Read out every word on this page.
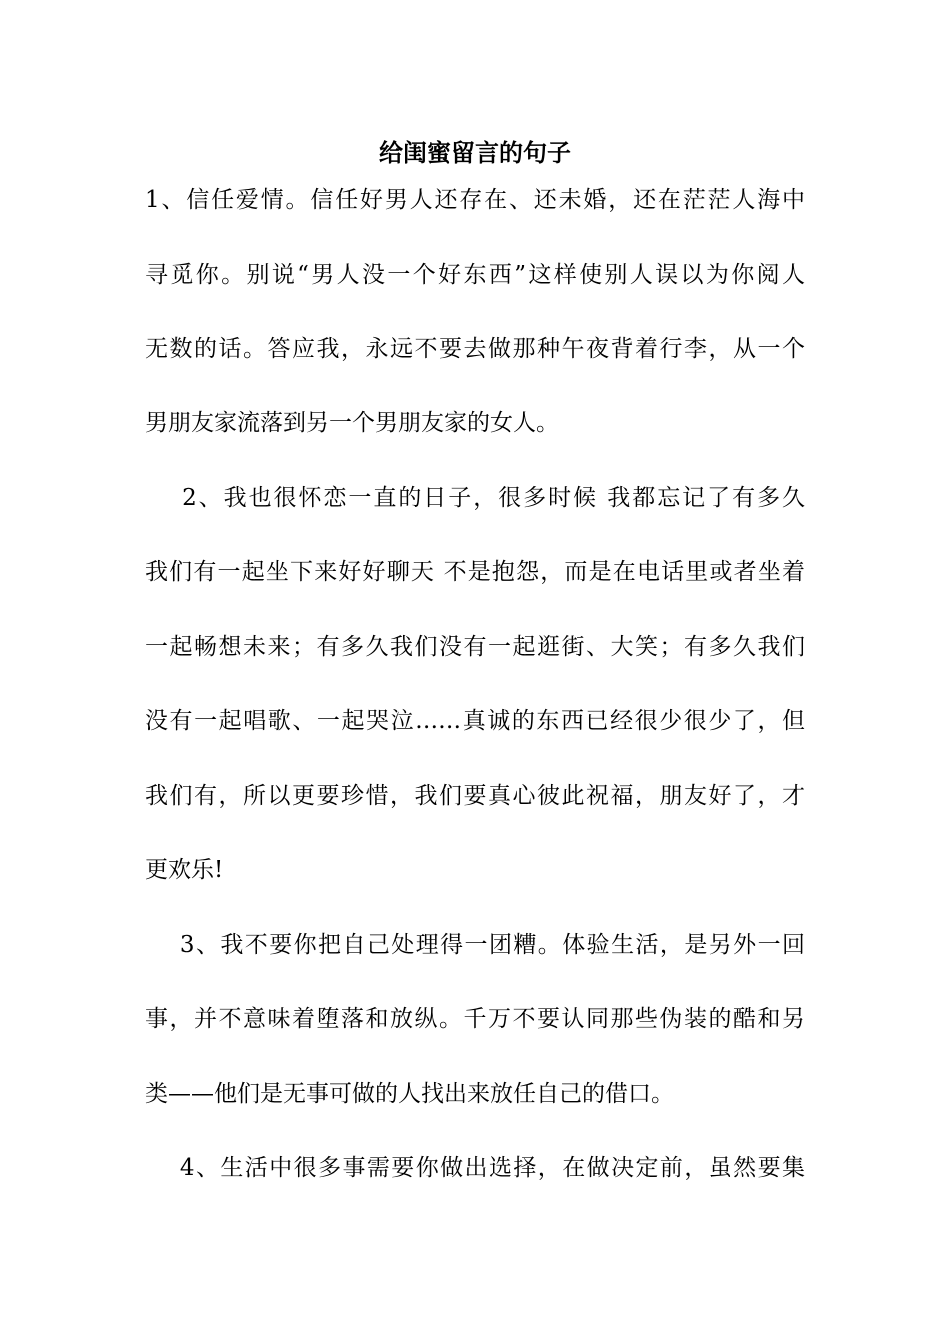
给闺蜜留言的句子
1、信任爱情。信任好男人还存在、还未婚，还在茫茫人海中
寻觅你。别说“男人没一个好东西”这样使别人误以为你阅人
无数的话。答应我，永远不要去做那种午夜背着行李，从一个
男朋友家流落到另一个男朋友家的女人。
2、我也很怀恋一直的日子，很多时候 我都忘记了有多久
我们有一起坐下来好好聊天 不是抱怨，而是在电话里或者坐着
一起畅想未来；有多久我们没有一起逛街、大笑；有多久我们
没有一起唱歌、一起哭泣……真诚的东西已经很少很少了，但
我们有，所以更要珍惜，我们要真心彼此祝福，朋友好了，才
更欢乐!
3、我不要你把自己处理得一团糟。体验生活，是另外一回
事，并不意味着堕落和放纵。千万不要认同那些伪装的酷和另
类——他们是无事可做的人找出来放任自己的借口。
4、生活中很多事需要你做出选择，在做决定前，虽然要集
